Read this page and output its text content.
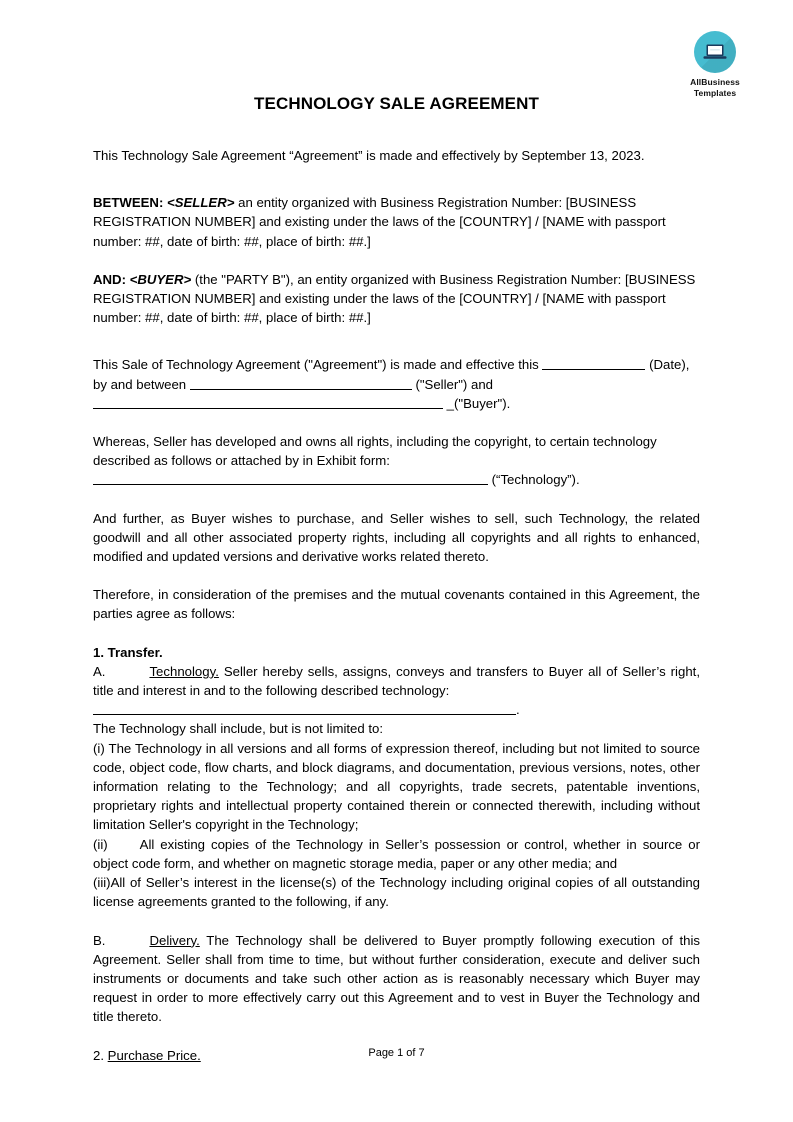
AllBusiness
Templates
TECHNOLOGY SALE AGREEMENT

This Technology Sale Agreement “Agreement” is made and effectively by September 13, 2023.

BETWEEN: <SELLER> an entity organized with Business Registration Number: [BUSINESS REGISTRATION NUMBER] and existing under the laws of the [COUNTRY] / [NAME with passport number: ##, date of birth: ##, place of birth: ##.]

AND: <BUYER> (the "PARTY B"), an entity organized with Business Registration Number: [BUSINESS REGISTRATION NUMBER] and existing under the laws of the [COUNTRY] / [NAME with passport number: ##, date of birth: ##, place of birth: ##.]

This Sale of Technology Agreement ("Agreement") is made and effective this	(Date),
by and between	("Seller") and
_("Buyer").

Whereas, Seller has developed and owns all rights, including the copyright, to certain technology
described as follows or attached by in Exhibit form:
(“Technology”).

And further, as Buyer wishes to purchase, and Seller wishes to sell, such Technology, the related goodwill and all other associated property rights, including all copyrights and all rights to enhanced, modified and updated versions and derivative works related thereto.

Therefore, in consideration of the premises and the mutual covenants contained in this Agreement, the parties agree as follows:

1. Transfer.

A.	Technology. Seller hereby sells, assigns, conveys and transfers to Buyer all of Seller’s right, title and interest in and to the following described technology:

.

The Technology shall include, but is not limited to:

(i) The Technology in all versions and all forms of expression thereof, including but not limited to source code, object code, flow charts, and block diagrams, and documentation, previous versions, notes, other information relating to the Technology; and all copyrights, trade secrets, patentable inventions, proprietary rights and intellectual property contained therein or connected therewith, including without limitation Seller's copyright in the Technology;

(ii) All existing copies of the Technology in Seller’s possession or control, whether in source or object code form, and whether on magnetic storage media, paper or any other media; and

(iii)All of Seller’s interest in the license(s) of the Technology including original copies of all outstanding license agreements granted to the following, if any.

B.	Delivery. The Technology shall be delivered to Buyer promptly following execution of this Agreement. Seller shall from time to time, but without further consideration, execute and deliver such instruments or documents and take such other action as is reasonably necessary which Buyer may request in order to more effectively carry out this Agreement and to vest in Buyer the Technology and title thereto.

2. Purchase Price.	Page 1 of 7
